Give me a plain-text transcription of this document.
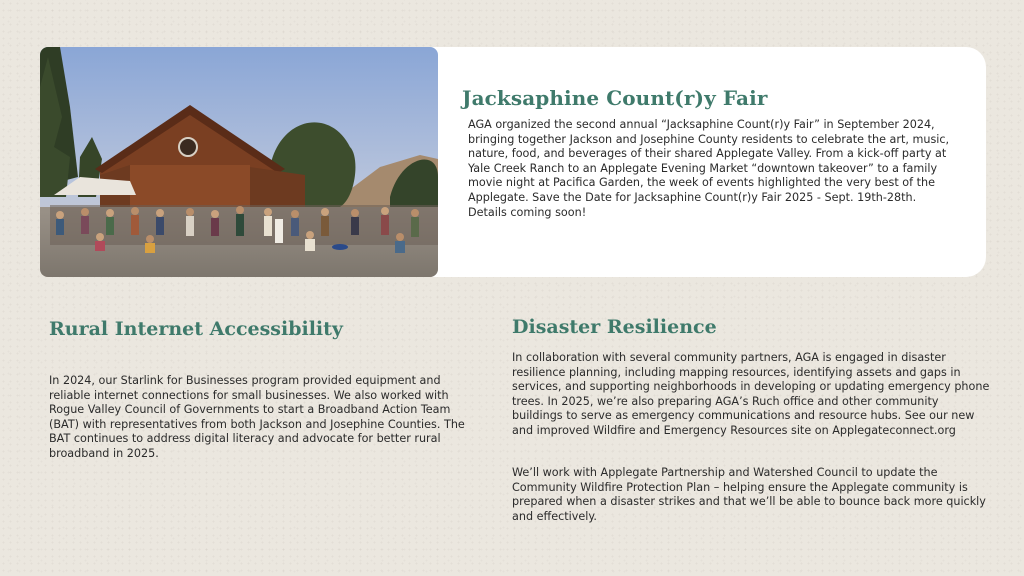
Jacksaphine Count(r)y Fair
AGA organized the second annual “Jacksaphine Count(r)y Fair” in September 2024, bringing together Jackson and Josephine County residents to celebrate the art, music, nature, food, and beverages of their shared Applegate Valley. From a kick-off party at Yale Creek Ranch to an Applegate Evening Market “downtown takeover” to a family movie night at Pacifica Garden, the week of events highlighted the very best of the Applegate. Save the Date for Jacksaphine Count(r)y Fair 2025 - Sept. 19th-28th. Details coming soon!
Rural Internet Accessibility
In 2024, our Starlink for Businesses program provided equipment and reliable internet connections for small businesses. We also worked with Rogue Valley Council of Governments to start a Broadband Action Team (BAT) with representatives from both Jackson and Josephine Counties. The BAT continues to address digital literacy and advocate for better rural broadband in 2025.
Disaster Resilience
In collaboration with several community partners, AGA is engaged in disaster resilience planning, including mapping resources, identifying assets and gaps in services, and supporting neighborhoods in developing or updating emergency phone trees. In 2025, we’re also preparing AGA’s Ruch office and other community buildings to serve as emergency communications and resource hubs. See our new and improved Wildfire and Emergency Resources site on Applegateconnect.org
We’ll work with Applegate Partnership and Watershed Council to update the Community Wildfire Protection Plan – helping ensure the Applegate community is prepared when a disaster strikes and that we’ll be able to bounce back more quickly and effectively.
